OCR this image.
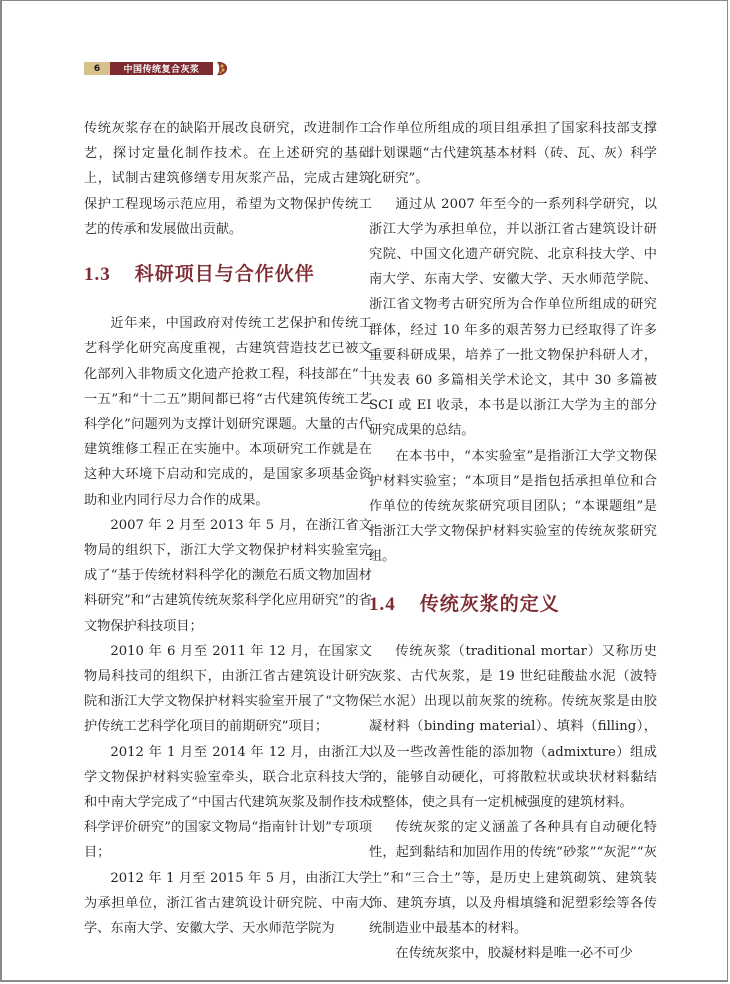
6	中国传统复合灰浆

传统灰浆存在的缺陷开展改良研究，改进制作工艺，探讨定量化制作技术。在上述研究的基础上，试制古建筑修缮专用灰浆产品，完成古建筑保护工程现场示范应用，希望为文物保护传统工艺的传承和发展做出贡献。

1.3 科研项目与合作伙伴

近年来，中国政府对传统工艺保护和传统工艺科学化研究高度重视，古建筑营造技艺已被文化部列入非物质文化遗产抢救工程，科技部在“十一五”和“十二五”期间都已将“古代建筑传统工艺科学化”问题列为支撑计划研究课题。大量的古代建筑维修工程正在实施中。本项研究工作就是在这种大环境下启动和完成的，是国家多项基金资助和业内同行尽力合作的成果。

2007 年 2 月至 2013 年 5 月，在浙江省文物局的组织下，浙江大学文物保护材料实验室完成了“基于传统材料科学化的濒危石质文物加固材料研究”和“古建筑传统灰浆科学化应用研究”的省文物保护科技项目；

2010 年 6 月至 2011 年 12 月，在国家文物局科技司的组织下，由浙江省古建筑设计研究院和浙江大学文物保护材料实验室开展了“文物保护传统工艺科学化项目的前期研究”项目；

2012 年 1 月至 2014 年 12 月，由浙江大学文物保护材料实验室牵头，联合北京科技大学和中南大学完成了“中国古代建筑灰浆及制作技术科学评价研究”的国家文物局“指南针计划”专项项目；

2012 年 1 月至 2015 年 5 月，由浙江大学为承担单位，浙江省古建筑设计研究院、中南大学、东南大学、安徽大学、天水师范学院为

合作单位所组成的项目组承担了国家科技部支撑计划课题“古代建筑基本材料（砖、瓦、灰）科学化研究”。

通过从 2007 年至今的一系列科学研究，以浙江大学为承担单位，并以浙江省古建筑设计研究院、中国文化遗产研究院、北京科技大学、中南大学、东南大学、安徽大学、天水师范学院、浙江省文物考古研究所为合作单位所组成的研究群体，经过 10 年多的艰苦努力已经取得了许多重要科研成果，培养了一批文物保护科研人才，共发表 60 多篇相关学术论文，其中 30 多篇被 SCI 或 EI 收录，本书是以浙江大学为主的部分研究成果的总结。

在本书中，“本实验室”是指浙江大学文物保护材料实验室；“本项目”是指包括承担单位和合作单位的传统灰浆研究项目团队；“本课题组”是指浙江大学文物保护材料实验室的传统灰浆研究组。

1.4 传统灰浆的定义

传统灰浆（traditional mortar）又称历史灰浆、古代灰浆，是 19 世纪硅酸盐水泥（波特兰水泥）出现以前灰浆的统称。传统灰浆是由胶凝材料（binding material）、填料（filling），以及一些改善性能的添加物（admixture）组成的，能够自动硬化，可将散粒状或块状材料黏结成整体，使之具有一定机械强度的建筑材料。

传统灰浆的定义涵盖了各种具有自动硬化特性，起到黏结和加固作用的传统“砂浆”“灰泥”“灰土”和“三合土”等，是历史上建筑砌筑、建筑装饰、建筑夯填，以及舟楫填缝和泥塑彩绘等各传统制造业中最基本的材料。

在传统灰浆中，胶凝材料是唯一必不可少
